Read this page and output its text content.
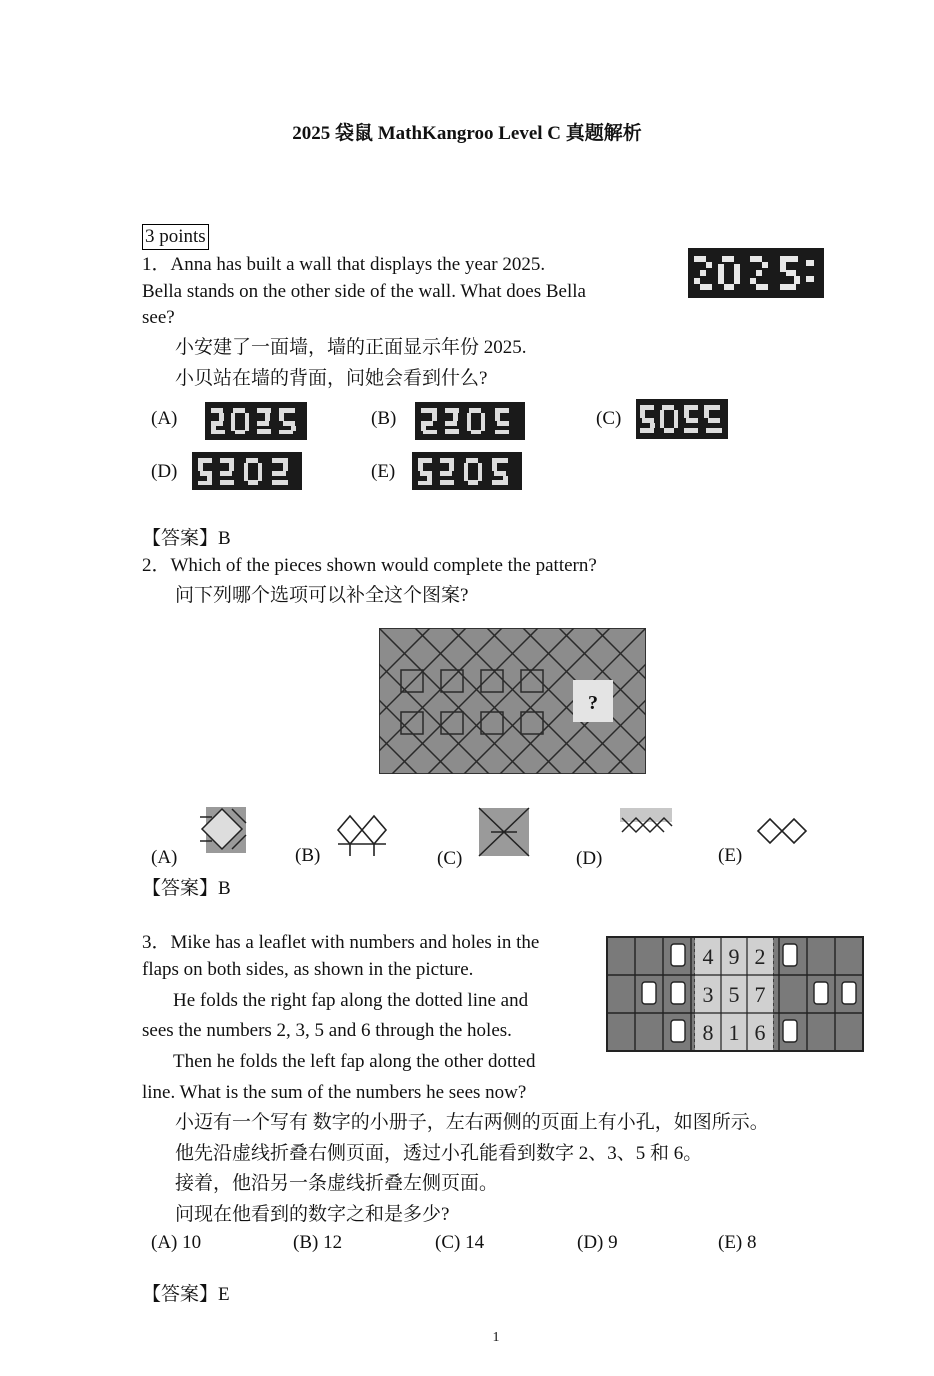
2025 袋鼠 MathKangroo Level C 真题解析
3 points
1．Anna has built a wall that displays the year 2025.
Bella stands on the other side of the wall. What does Bella
see?
小安建了一面墙，墙的正面显示年份 2025.
小贝站在墙的背面，问她会看到什么?
(A)	(B)	(C)
(D)	(E)
【答案】B
2．Which of the pieces shown would complete the pattern?
问下列哪个选项可以补全这个图案?
?
(A)	(B)	(C)	(D)	(E)
【答案】B
3．Mike has a leaflet with numbers and holes in the
flaps on both sides, as shown in the picture.
He folds the right fap along the dotted line and
sees the numbers 2, 3, 5 and 6 through the holes.
Then he folds the left fap along the other dotted
line. What is the sum of the numbers he sees now?
4 9 2
3 5 7
8 1 6
小迈有一个写有 数字的小册子，左右两侧的页面上有小孔，如图所示。
他先沿虚线折叠右侧页面，透过小孔能看到数字 2、3、5 和 6。
接着，他沿另一条虚线折叠左侧页面。
问现在他看到的数字之和是多少?
(A) 10	(B) 12	(C) 14	(D) 9	(E) 8
【答案】E
1
